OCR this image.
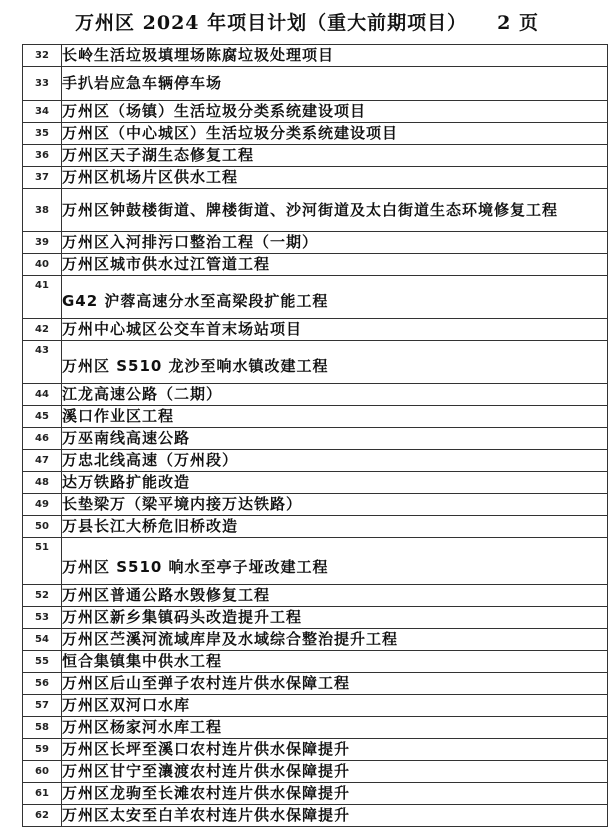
万州区 2024 年项目计划（重大前期项目） 2 页
32	长岭生活垃圾填埋场陈腐垃圾处理项目
33	手扒岩应急车辆停车场
34	万州区（场镇）生活垃圾分类系统建设项目
35	万州区（中心城区）生活垃圾分类系统建设项目
36	万州区天子湖生态修复工程
37	万州区机场片区供水工程
38	万州区钟鼓楼街道、牌楼街道、沙河街道及太白街道生态环境修复工程
39	万州区入河排污口整治工程（一期）
40	万州区城市供水过江管道工程
41	G42 沪蓉高速分水至高梁段扩能工程
42	万州中心城区公交车首末场站项目
43	万州区 S510 龙沙至响水镇改建工程
44	江龙高速公路（二期）
45	溪口作业区工程
46	万巫南线高速公路
47	万忠北线高速（万州段）
48	达万铁路扩能改造
49	长垫梁万（梁平境内接万达铁路）
50	万县长江大桥危旧桥改造
51	万州区 S510 响水至亭子垭改建工程
52	万州区普通公路水毁修复工程
53	万州区新乡集镇码头改造提升工程
54	万州区苎溪河流域库岸及水域综合整治提升工程
55	恒合集镇集中供水工程
56	万州区后山至弹子农村连片供水保障工程
57	万州区双河口水库
58	万州区杨家河水库工程
59	万州区长坪至溪口农村连片供水保障提升
60	万州区甘宁至瀼渡农村连片供水保障提升
61	万州区龙驹至长滩农村连片供水保障提升
62	万州区太安至白羊农村连片供水保障提升
